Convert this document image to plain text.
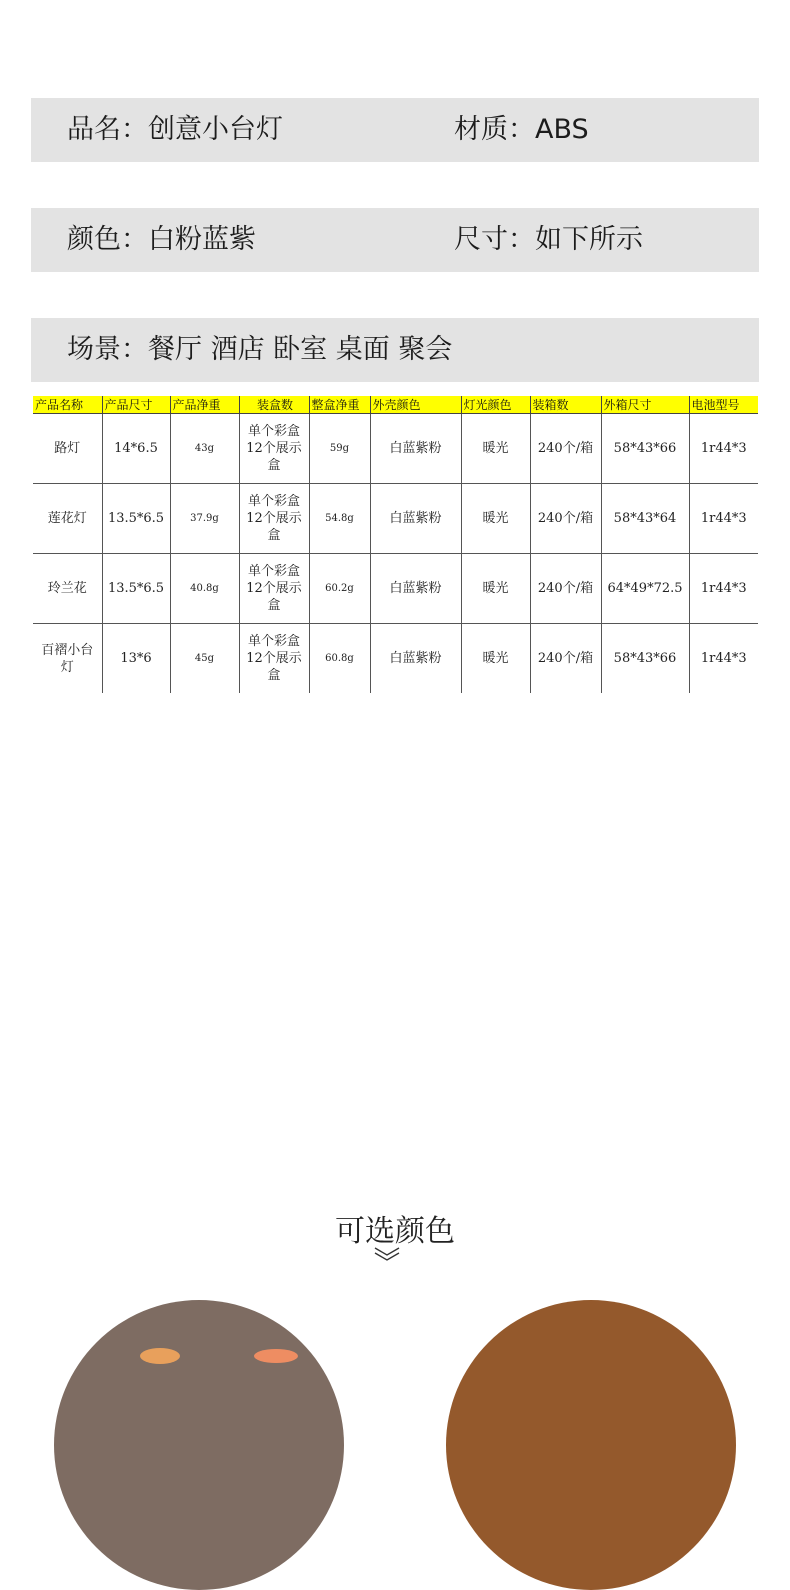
品名：创意小台灯	材质：ABS
颜色：白粉蓝紫	尺寸：如下所示
场景：餐厅 酒店 卧室 桌面 聚会
产品名称	产品尺寸	产品净重	装盒数	整盒净重	外壳颜色	灯光颜色	装箱数	外箱尺寸	电池型号
路灯	14*6.5	43g	单个彩盒12个展示盒	59g	白蓝紫粉	暖光	240个/箱	58*43*66	1r44*3
莲花灯	13.5*6.5	37.9g	单个彩盒12个展示盒	54.8g	白蓝紫粉	暖光	240个/箱	58*43*64	1r44*3
玲兰花	13.5*6.5	40.8g	单个彩盒12个展示盒	60.2g	白蓝紫粉	暖光	240个/箱	64*49*72.5	1r44*3
百褶小台灯	13*6	45g	单个彩盒12个展示盒	60.8g	白蓝紫粉	暖光	240个/箱	58*43*66	1r44*3
可选颜色
